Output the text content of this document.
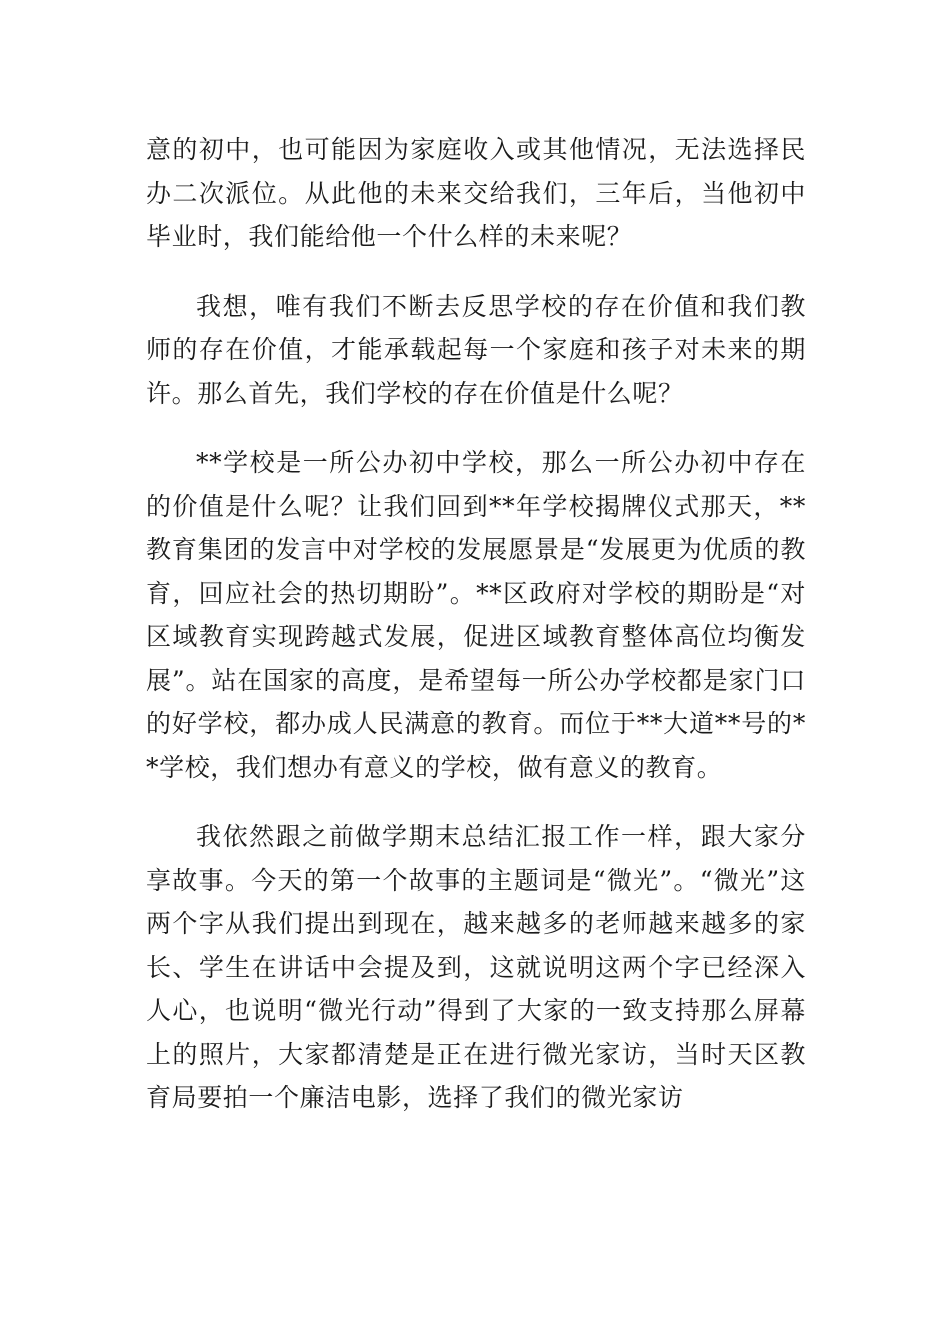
意的初中，也可能因为家庭收入或其他情况，无法选择民办二次派位。从此他的未来交给我们，三年后，当他初中毕业时，我们能给他一个什么样的未来呢？

我想，唯有我们不断去反思学校的存在价值和我们教师的存在价值，才能承载起每一个家庭和孩子对未来的期许。那么首先，我们学校的存在价值是什么呢？

**学校是一所公办初中学校，那么一所公办初中存在的价值是什么呢？让我们回到**年学校揭牌仪式那天，**教育集团的发言中对学校的发展愿景是“发展更为优质的教育，回应社会的热切期盼”。**区政府对学校的期盼是“对区域教育实现跨越式发展，促进区域教育整体高位均衡发展”。站在国家的高度，是希望每一所公办学校都是家门口的好学校，都办成人民满意的教育。而位于**大道**号的**学校，我们想办有意义的学校，做有意义的教育。

我依然跟之前做学期末总结汇报工作一样，跟大家分享故事。今天的第一个故事的主题词是“微光”。“微光”这两个字从我们提出到现在，越来越多的老师越来越多的家长、学生在讲话中会提及到，这就说明这两个字已经深入人心，也说明“微光行动”得到了大家的一致支持那么屏幕上的照片，大家都清楚是正在进行微光家访，当时天区教育局要拍一个廉洁电影，选择了我们的微光家访
